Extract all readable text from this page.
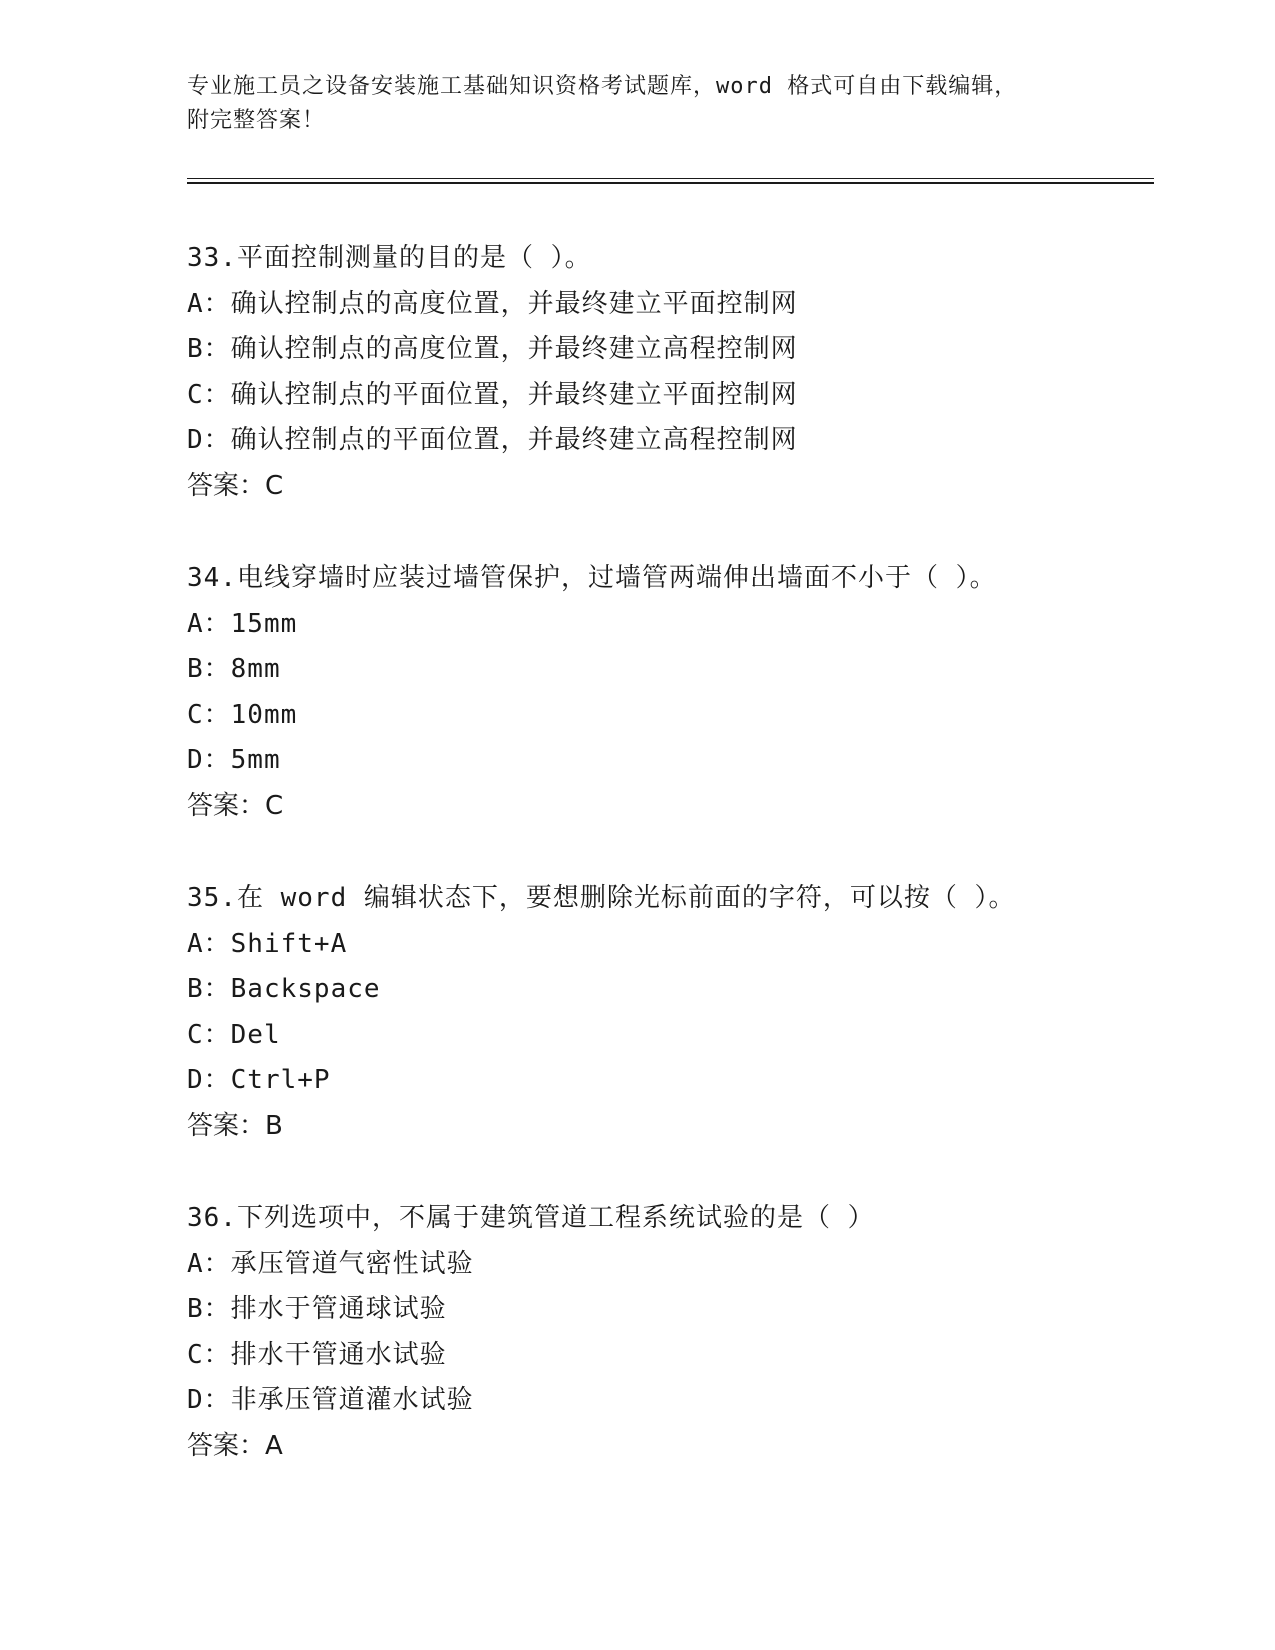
专业施工员之设备安装施工基础知识资格考试题库，word 格式可自由下载编辑，
附完整答案！
33.平面控制测量的目的是（ ）。
A：确认控制点的高度位置，并最终建立平面控制网
B：确认控制点的高度位置，并最终建立高程控制网
C：确认控制点的平面位置，并最终建立平面控制网
D：确认控制点的平面位置，并最终建立高程控制网
答案：C
34.电线穿墙时应装过墙管保护，过墙管两端伸出墙面不小于（ ）。
A：15mm
B：8mm
C：10mm
D：5mm
答案：C
35.在 word 编辑状态下，要想删除光标前面的字符，可以按（ ）。
A：Shift+A
B：Backspace
C：Del
D：Ctrl+P
答案：B
36.下列选项中，不属于建筑管道工程系统试验的是（ ）
A：承压管道气密性试验
B：排水于管通球试验
C：排水干管通水试验
D：非承压管道灌水试验
答案：A
